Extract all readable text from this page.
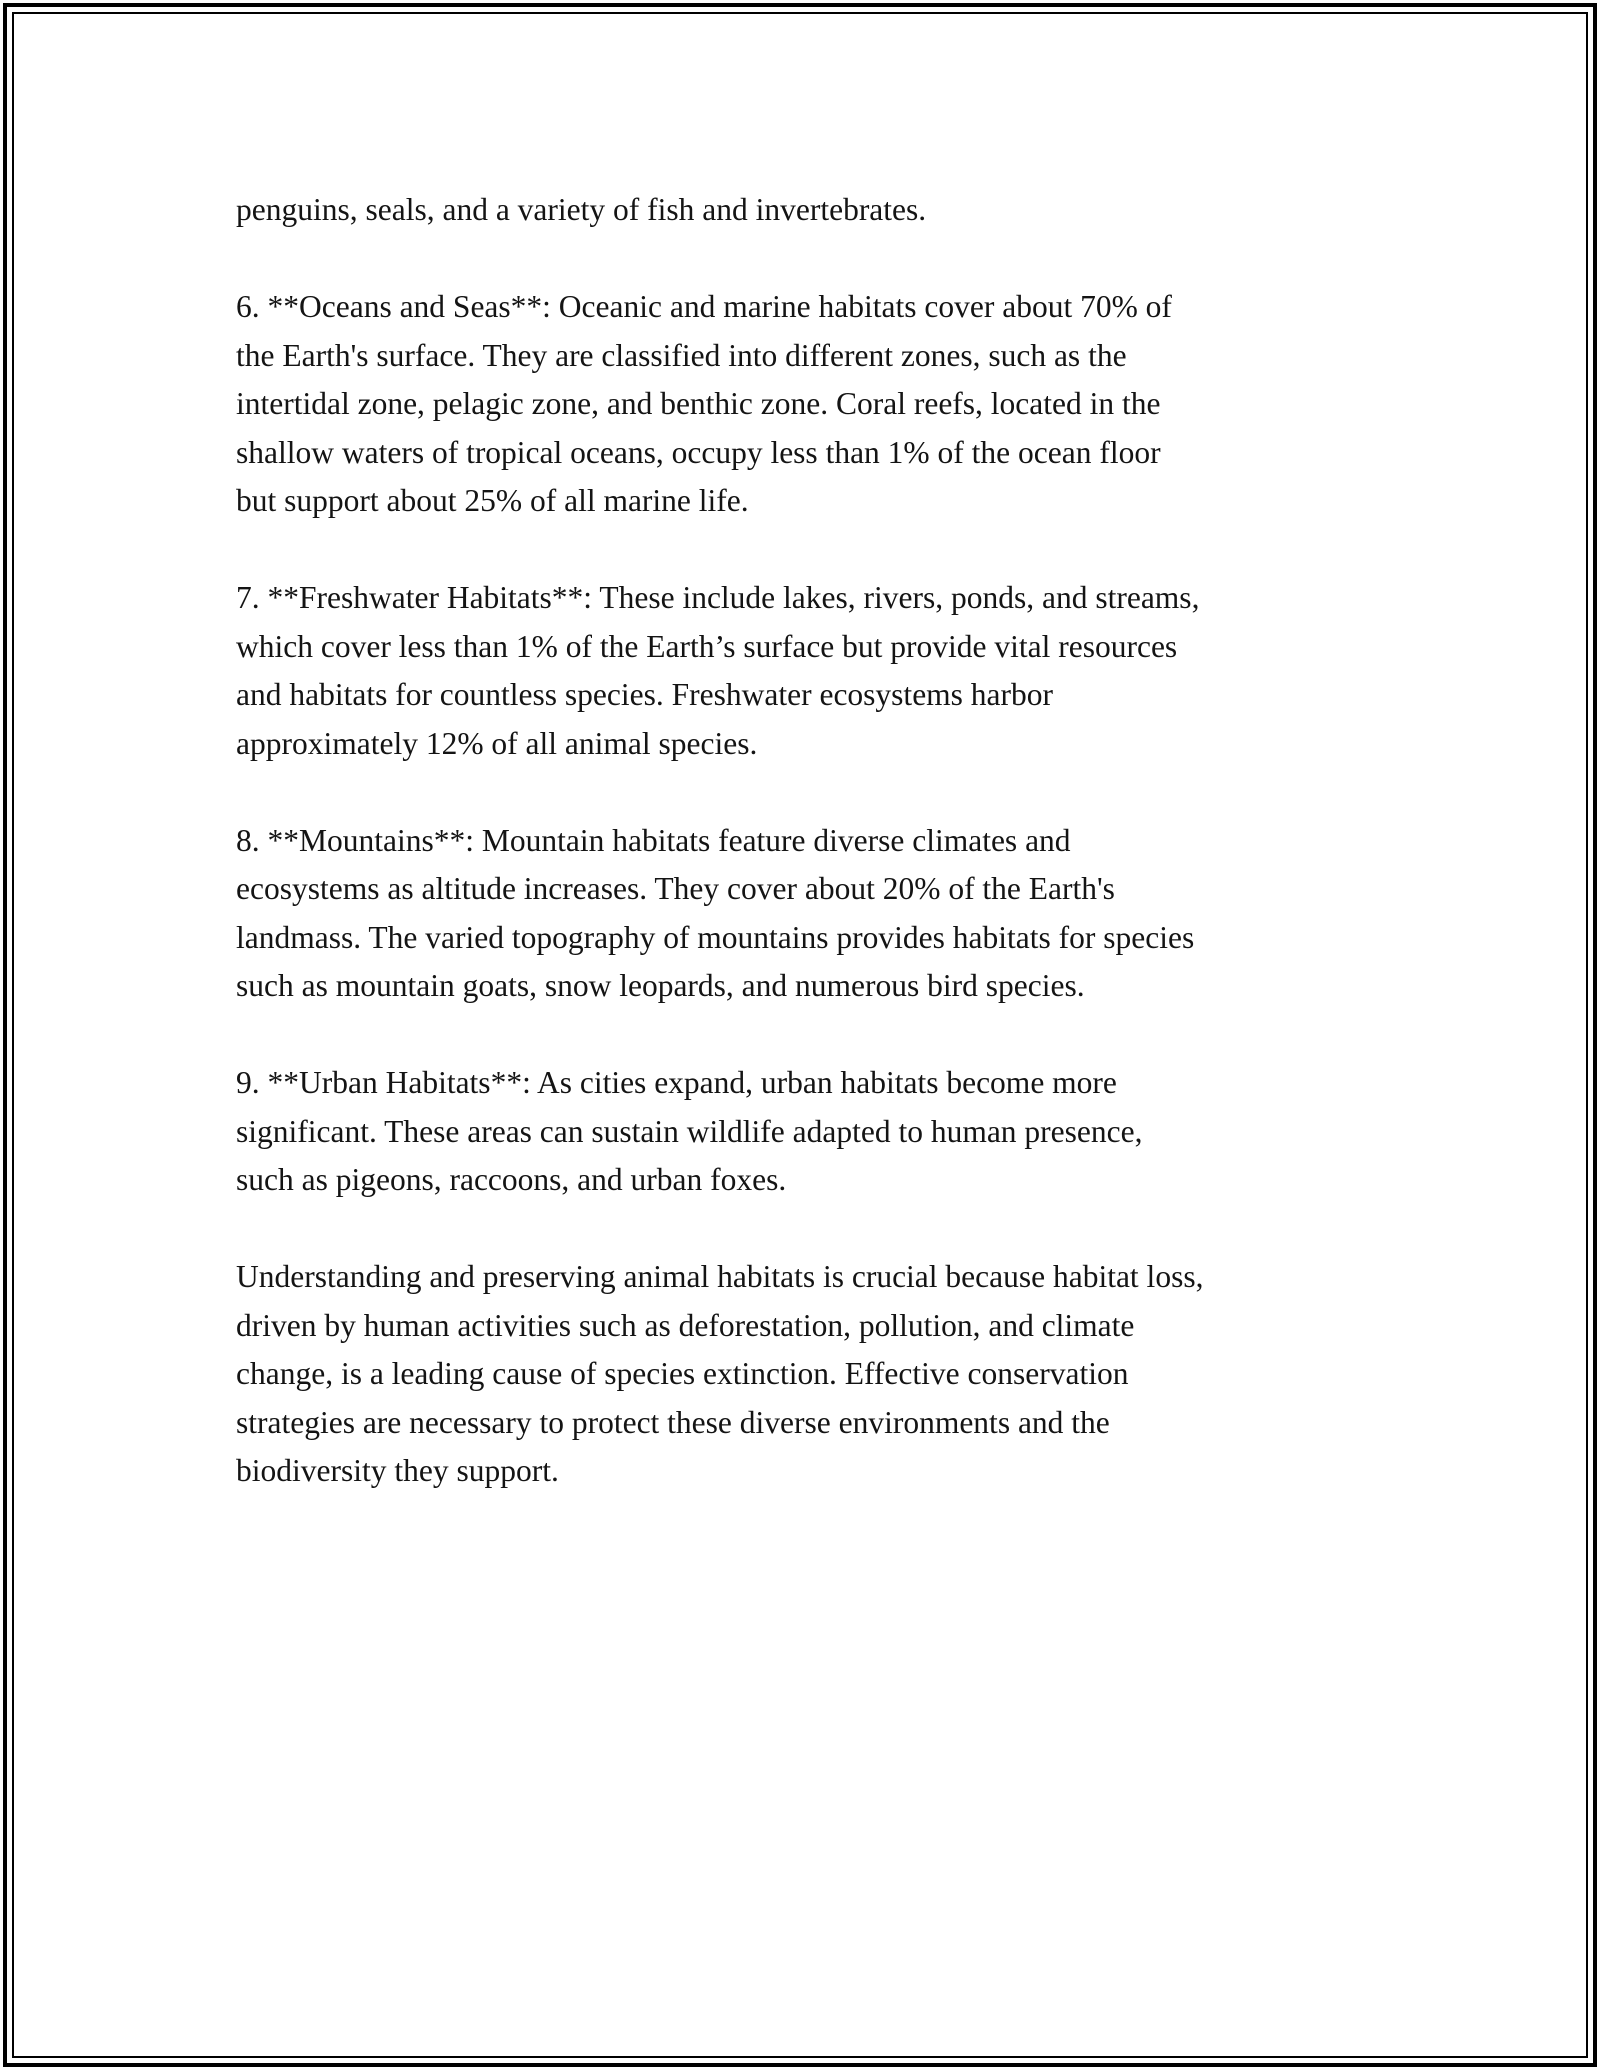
penguins, seals, and a variety of fish and invertebrates.

6. **Oceans and Seas**: Oceanic and marine habitats cover about 70% of
the Earth's surface. They are classified into different zones, such as the
intertidal zone, pelagic zone, and benthic zone. Coral reefs, located in the
shallow waters of tropical oceans, occupy less than 1% of the ocean floor
but support about 25% of all marine life.

7. **Freshwater Habitats**: These include lakes, rivers, ponds, and streams,
which cover less than 1% of the Earth’s surface but provide vital resources
and habitats for countless species. Freshwater ecosystems harbor
approximately 12% of all animal species.

8. **Mountains**: Mountain habitats feature diverse climates and
ecosystems as altitude increases. They cover about 20% of the Earth's
landmass. The varied topography of mountains provides habitats for species
such as mountain goats, snow leopards, and numerous bird species.

9. **Urban Habitats**: As cities expand, urban habitats become more
significant. These areas can sustain wildlife adapted to human presence,
such as pigeons, raccoons, and urban foxes.

Understanding and preserving animal habitats is crucial because habitat loss,
driven by human activities such as deforestation, pollution, and climate
change, is a leading cause of species extinction. Effective conservation
strategies are necessary to protect these diverse environments and the
biodiversity they support.
